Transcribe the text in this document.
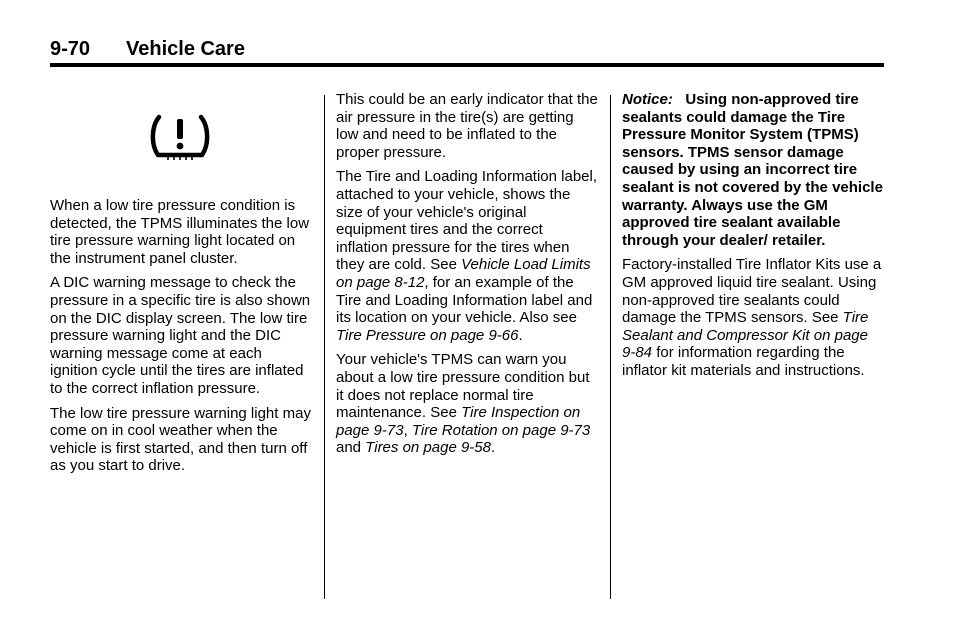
9-70 Vehicle Care

When a low tire pressure condition is detected, the TPMS illuminates the low tire pressure warning light located on the instrument panel cluster.

A DIC warning message to check the pressure in a specific tire is also shown on the DIC display screen. The low tire pressure warning light and the DIC warning message come at each ignition cycle until the tires are inflated to the correct inflation pressure.

The low tire pressure warning light may come on in cool weather when the vehicle is first started, and then turn off as you start to drive.

This could be an early indicator that the air pressure in the tire(s) are getting low and need to be inflated to the proper pressure.

The Tire and Loading Information label, attached to your vehicle, shows the size of your vehicle's original equipment tires and the correct inflation pressure for the tires when they are cold. See Vehicle Load Limits on page 8-12, for an example of the Tire and Loading Information label and its location on your vehicle. Also see Tire Pressure on page 9-66.

Your vehicle's TPMS can warn you about a low tire pressure condition but it does not replace normal tire maintenance. See Tire Inspection on page 9-73, Tire Rotation on page 9-73 and Tires on page 9-58.

Notice: Using non-approved tire sealants could damage the Tire Pressure Monitor System (TPMS) sensors. TPMS sensor damage caused by using an incorrect tire sealant is not covered by the vehicle warranty. Always use the GM approved tire sealant available through your dealer/ retailer.

Factory-installed Tire Inflator Kits use a GM approved liquid tire sealant. Using non-approved tire sealants could damage the TPMS sensors. See Tire Sealant and Compressor Kit on page 9-84 for information regarding the inflator kit materials and instructions.
